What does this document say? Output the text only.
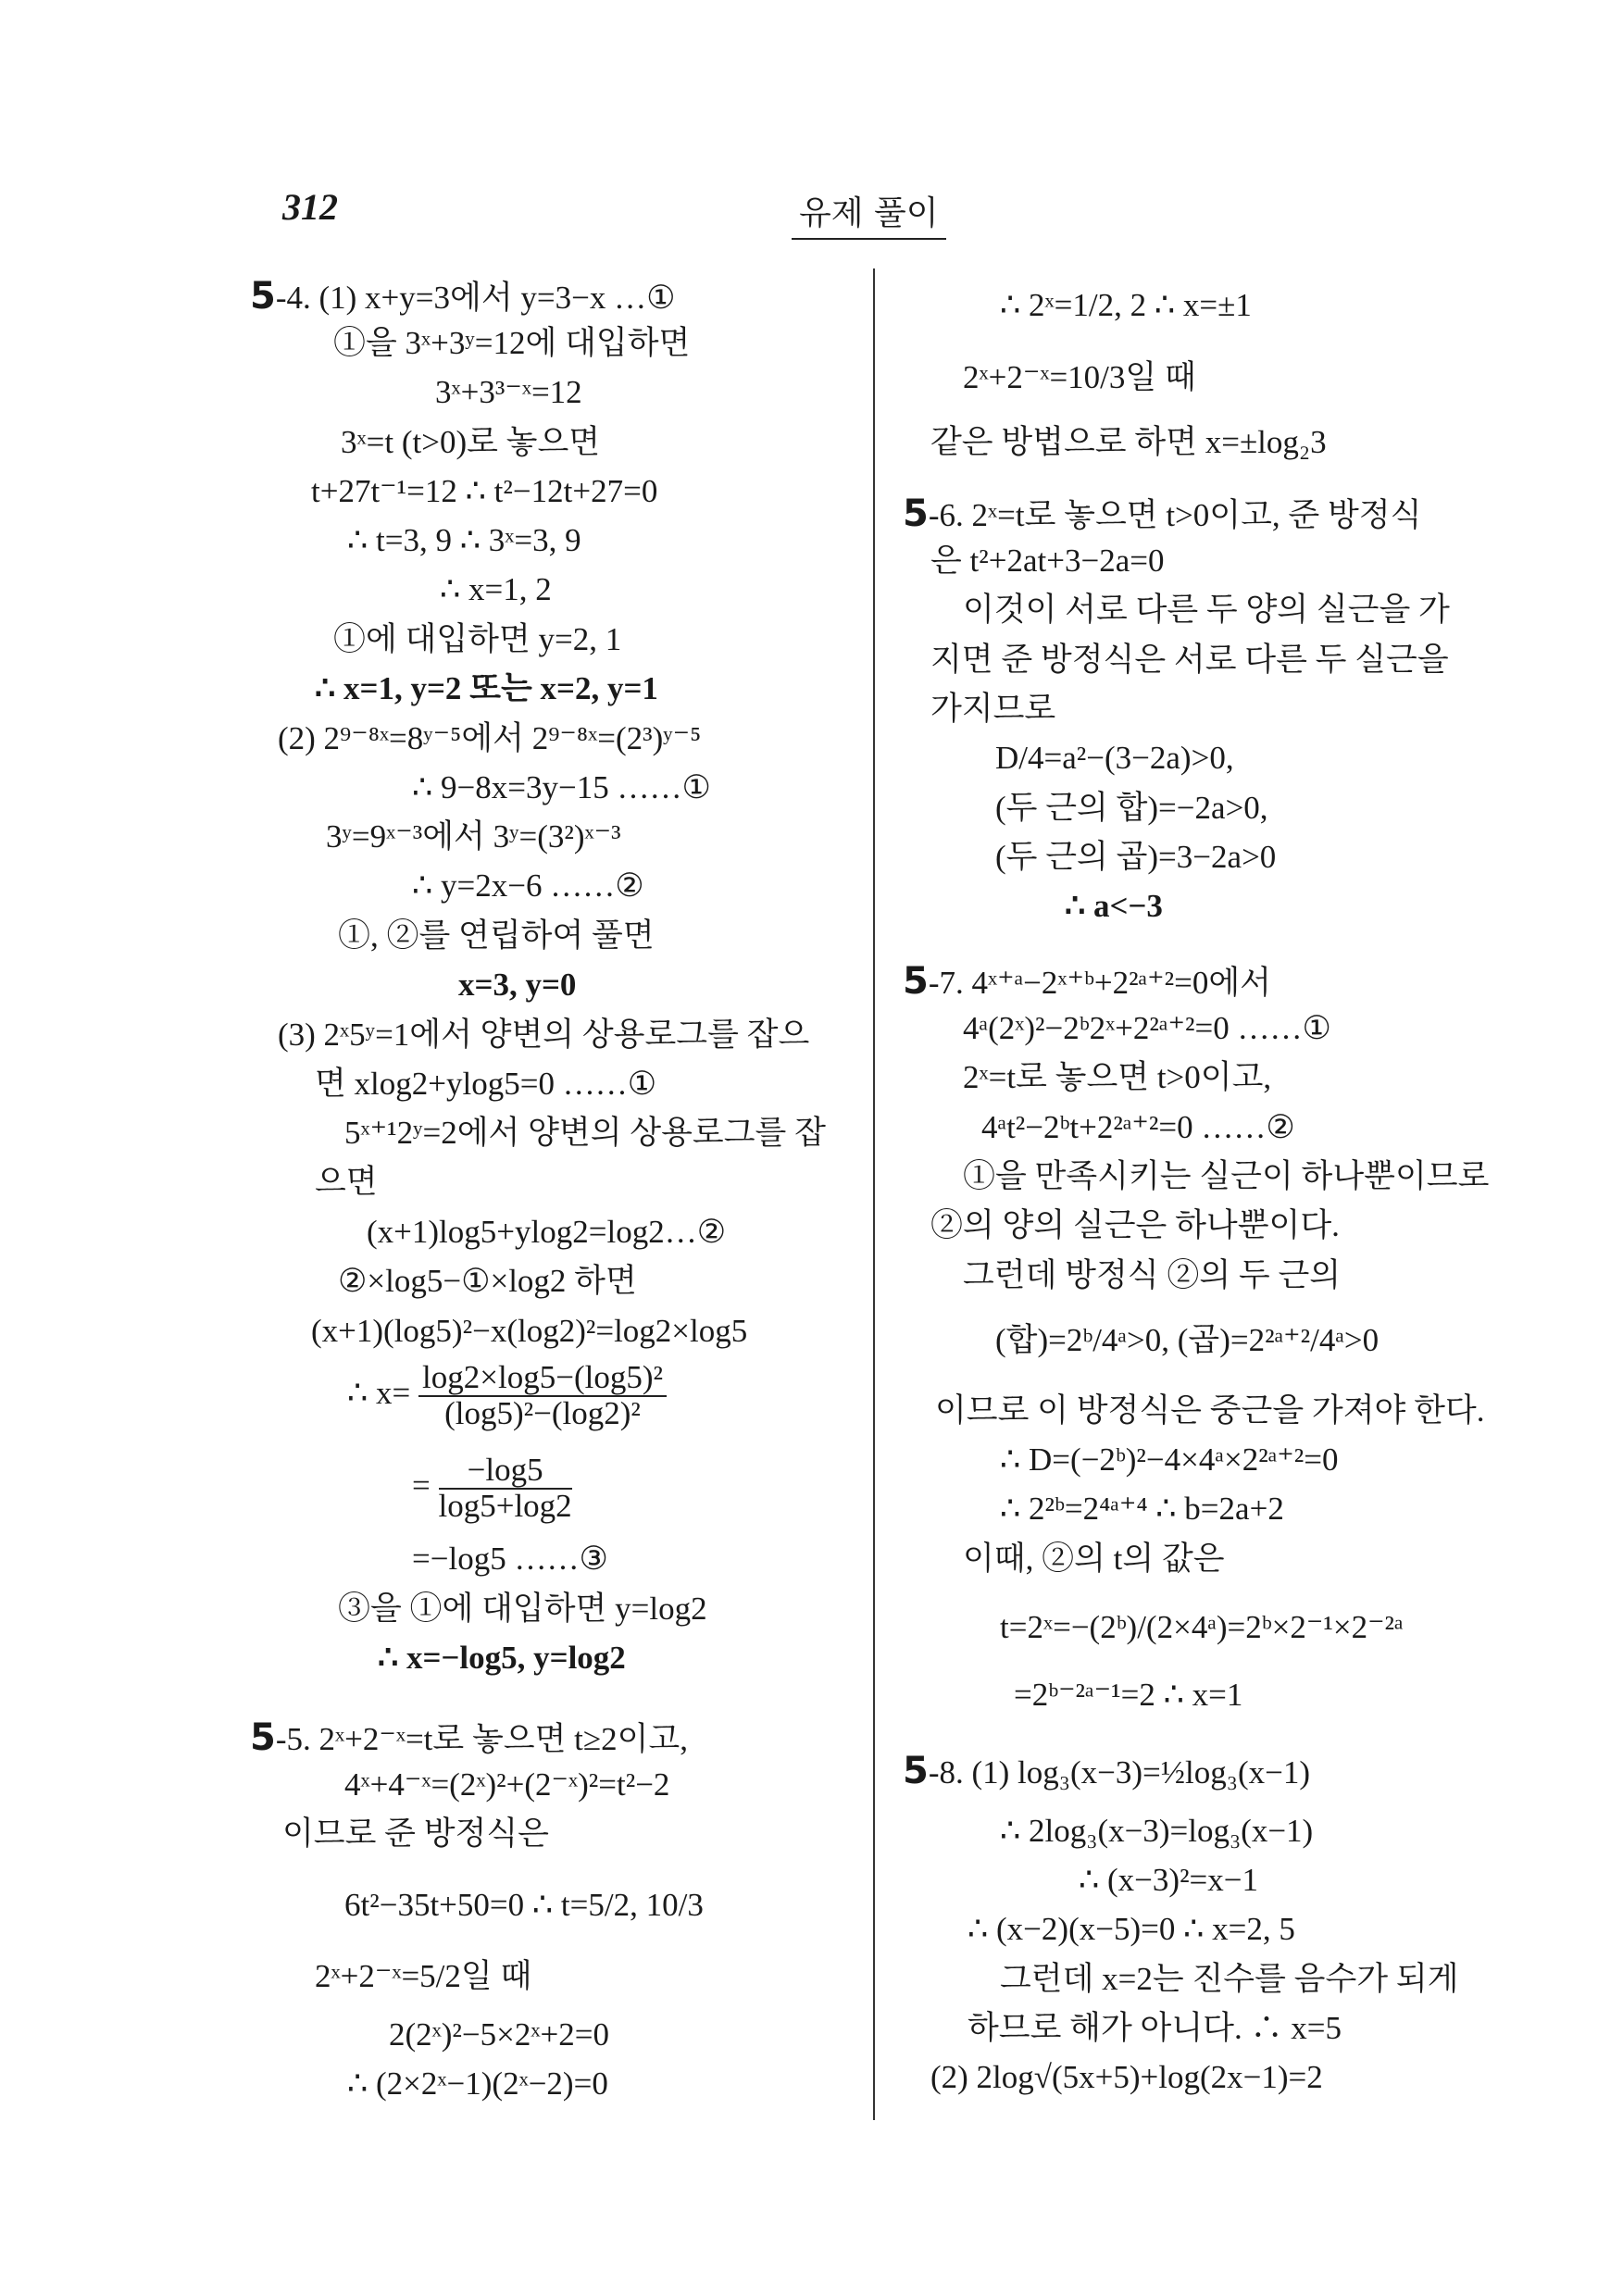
312	유제 풀이
5-4. (1) x+y=3에서 y=3−x …①
①을 3ˣ+3ʸ=12에 대입하면
3ˣ+3³⁻ˣ=12
3ˣ=t (t>0)로 놓으면
t+27t⁻¹=12 ∴ t²−12t+27=0
∴ t=3, 9 ∴ 3ˣ=3, 9
∴ x=1, 2
①에 대입하면 y=2, 1
∴ x=1, y=2 또는 x=2, y=1
(2) 2⁹⁻⁸ˣ=8ʸ⁻⁵에서 2⁹⁻⁸ˣ=(2³)ʸ⁻⁵
∴ 9−8x=3y−15 ……①
3ʸ=9ˣ⁻³에서 3ʸ=(3²)ˣ⁻³
∴ y=2x−6 ……②
①, ②를 연립하여 풀면
x=3, y=0
(3) 2ˣ5ʸ=1에서 양변의 상용로그를 잡으
면 xlog2+ylog5=0 ……①
5ˣ⁺¹2ʸ=2에서 양변의 상용로그를 잡
으면
(x+1)log5+ylog2=log2…②
②×log5−①×log2 하면
(x+1)(log5)²−x(log2)²=log2×log5
∴ $x= \frac{\text{log2×log5−(log5)²}}{\text{(log5)²−(log2)²}}$
= $\frac{-\log 5}{\log 5+\log 2}$
=−log5 ……③
③을 ①에 대입하면 y=log2
∴ x=−log5, y=log2
5-5. 2ˣ+2⁻ˣ=t로 놓으면 t≥2이고,
4ˣ+4⁻ˣ=(2ˣ)²+(2⁻ˣ)²=t²−2
이므로 준 방정식은
6t²−35t+50=0 ∴ t=5/2, 10/3
2ˣ+2⁻ˣ=5/2일 때
2(2ˣ)²−5×2ˣ+2=0
∴ (2×2ˣ−1)(2ˣ−2)=0
∴ 2ˣ=1/2, 2 ∴ x=±1
2ˣ+2⁻ˣ=10/3일 때
같은 방법으로 하면 x=±log₂3
5-6. 2ˣ=t로 놓으면 t>0이고, 준 방정식
은 t²+2at+3−2a=0
이것이 서로 다른 두 양의 실근을 가
지면 준 방정식은 서로 다른 두 실근을
가지므로
D/4=a²−(3−2a)>0,
(두 근의 합)=−2a>0,
(두 근의 곱)=3−2a>0
∴ a<−3
5-7. 4ˣ⁺ᵃ−2ˣ⁺ᵇ+2²ᵃ⁺²=0에서
4ᵃ(2ˣ)²−2ᵇ2ˣ+2²ᵃ⁺²=0 ……①
2ˣ=t로 놓으면 t>0이고,
4ᵃt²−2ᵇt+2²ᵃ⁺²=0 ……②
①을 만족시키는 실근이 하나뿐이므로
②의 양의 실근은 하나뿐이다.
그런데 방정식 ②의 두 근의
(합)=2ᵇ/4ᵃ>0, (곱)=2²ᵃ⁺²/4ᵃ>0
이므로 이 방정식은 중근을 가져야 한다.
∴ D=(−2ᵇ)²−4×4ᵃ×2²ᵃ⁺²=0
∴ 2²ᵇ=2⁴ᵃ⁺⁴ ∴ b=2a+2
이때, ②의 t의 값은
t=2ˣ=−(2ᵇ)/(2×4ᵃ)=2ᵇ×2⁻¹×2⁻²ᵃ
=2ᵇ⁻²ᵃ⁻¹=2 ∴ x=1
5-8. (1) log₃(x−3)=½log₃(x−1)
∴ 2log₃(x−3)=log₃(x−1)
∴ (x−3)²=x−1
∴ (x−2)(x−5)=0 ∴ x=2, 5
그런데 x=2는 진수를 음수가 되게
하므로 해가 아니다. ∴ x=5
(2) 2log√(5x+5)+log(2x−1)=2
